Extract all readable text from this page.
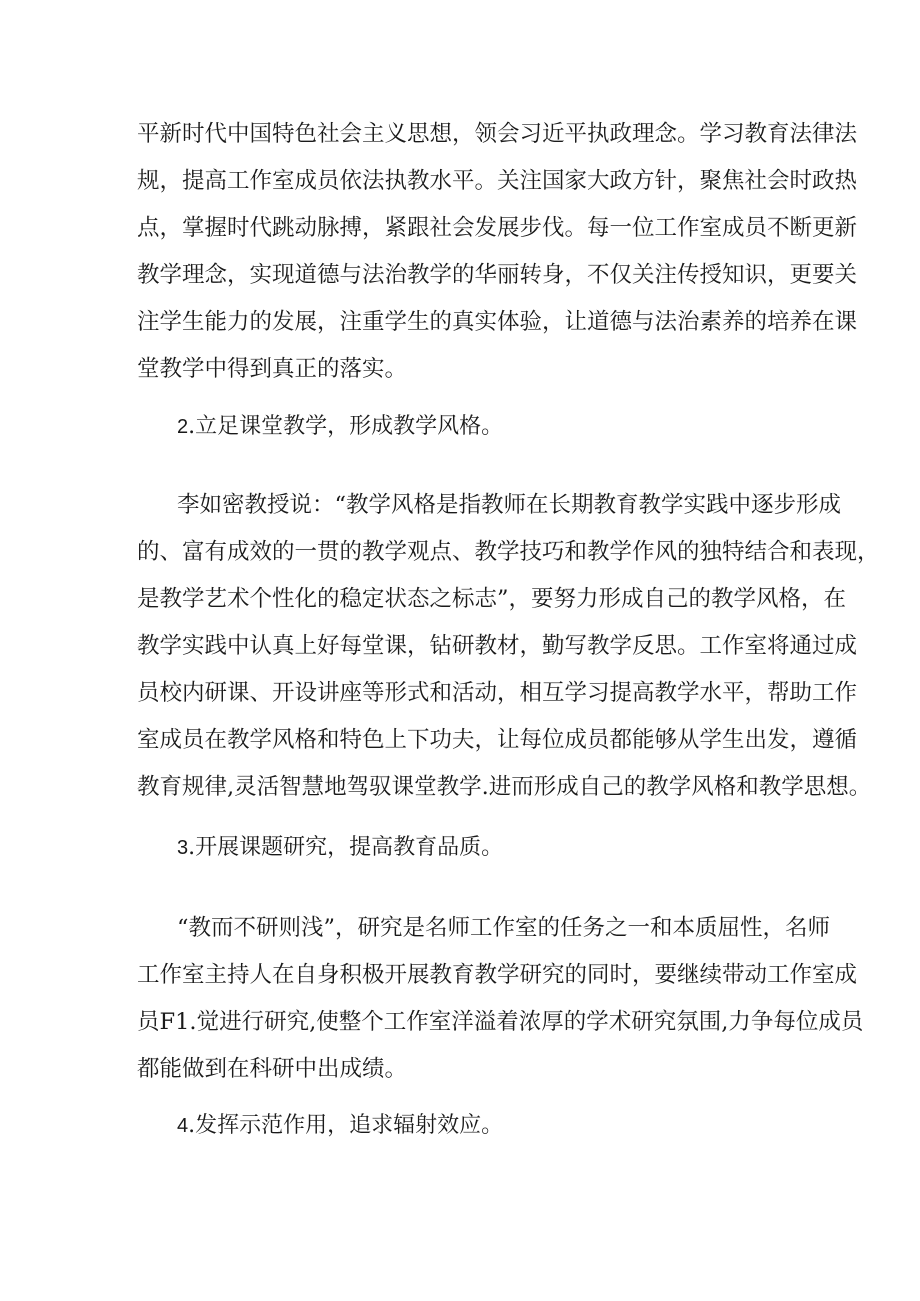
平新时代中国特色社会主义思想，领会习近平执政理念。学习教育法律法
规，提高工作室成员依法执教水平。关注国家大政方针，聚焦社会时政热
点，掌握时代跳动脉搏，紧跟社会发展步伐。每一位工作室成员不断更新
教学理念，实现道德与法治教学的华丽转身，不仅关注传授知识，更要关
注学生能力的发展，注重学生的真实体验，让道德与法治素养的培养在课
堂教学中得到真正的落实。
2.立足课堂教学，形成教学风格。
李如密教授说：“教学风格是指教师在长期教育教学实践中逐步形成
的、富有成效的一贯的教学观点、教学技巧和教学作风的独特结合和表现，
是教学艺术个性化的稳定状态之标志”，要努力形成自己的教学风格，在
教学实践中认真上好每堂课，钻研教材，勤写教学反思。工作室将通过成
员校内研课、开设讲座等形式和活动，相互学习提高教学水平，帮助工作
室成员在教学风格和特色上下功夫，让每位成员都能够从学生出发，遵循
教育规律,灵活智慧地驾驭课堂教学.进而形成自己的教学风格和教学思想。
3.开展课题研究，提高教育品质。
“教而不研则浅”，研究是名师工作室的任务之一和本质屈性，名师
工作室主持人在自身积极开展教育教学研究的同时，要继续带动工作室成
员F1.觉进行研究,使整个工作室洋溢着浓厚的学术研究氛围,力争每位成员
都能做到在科研中出成绩。
4.发挥示范作用，追求辐射效应。
